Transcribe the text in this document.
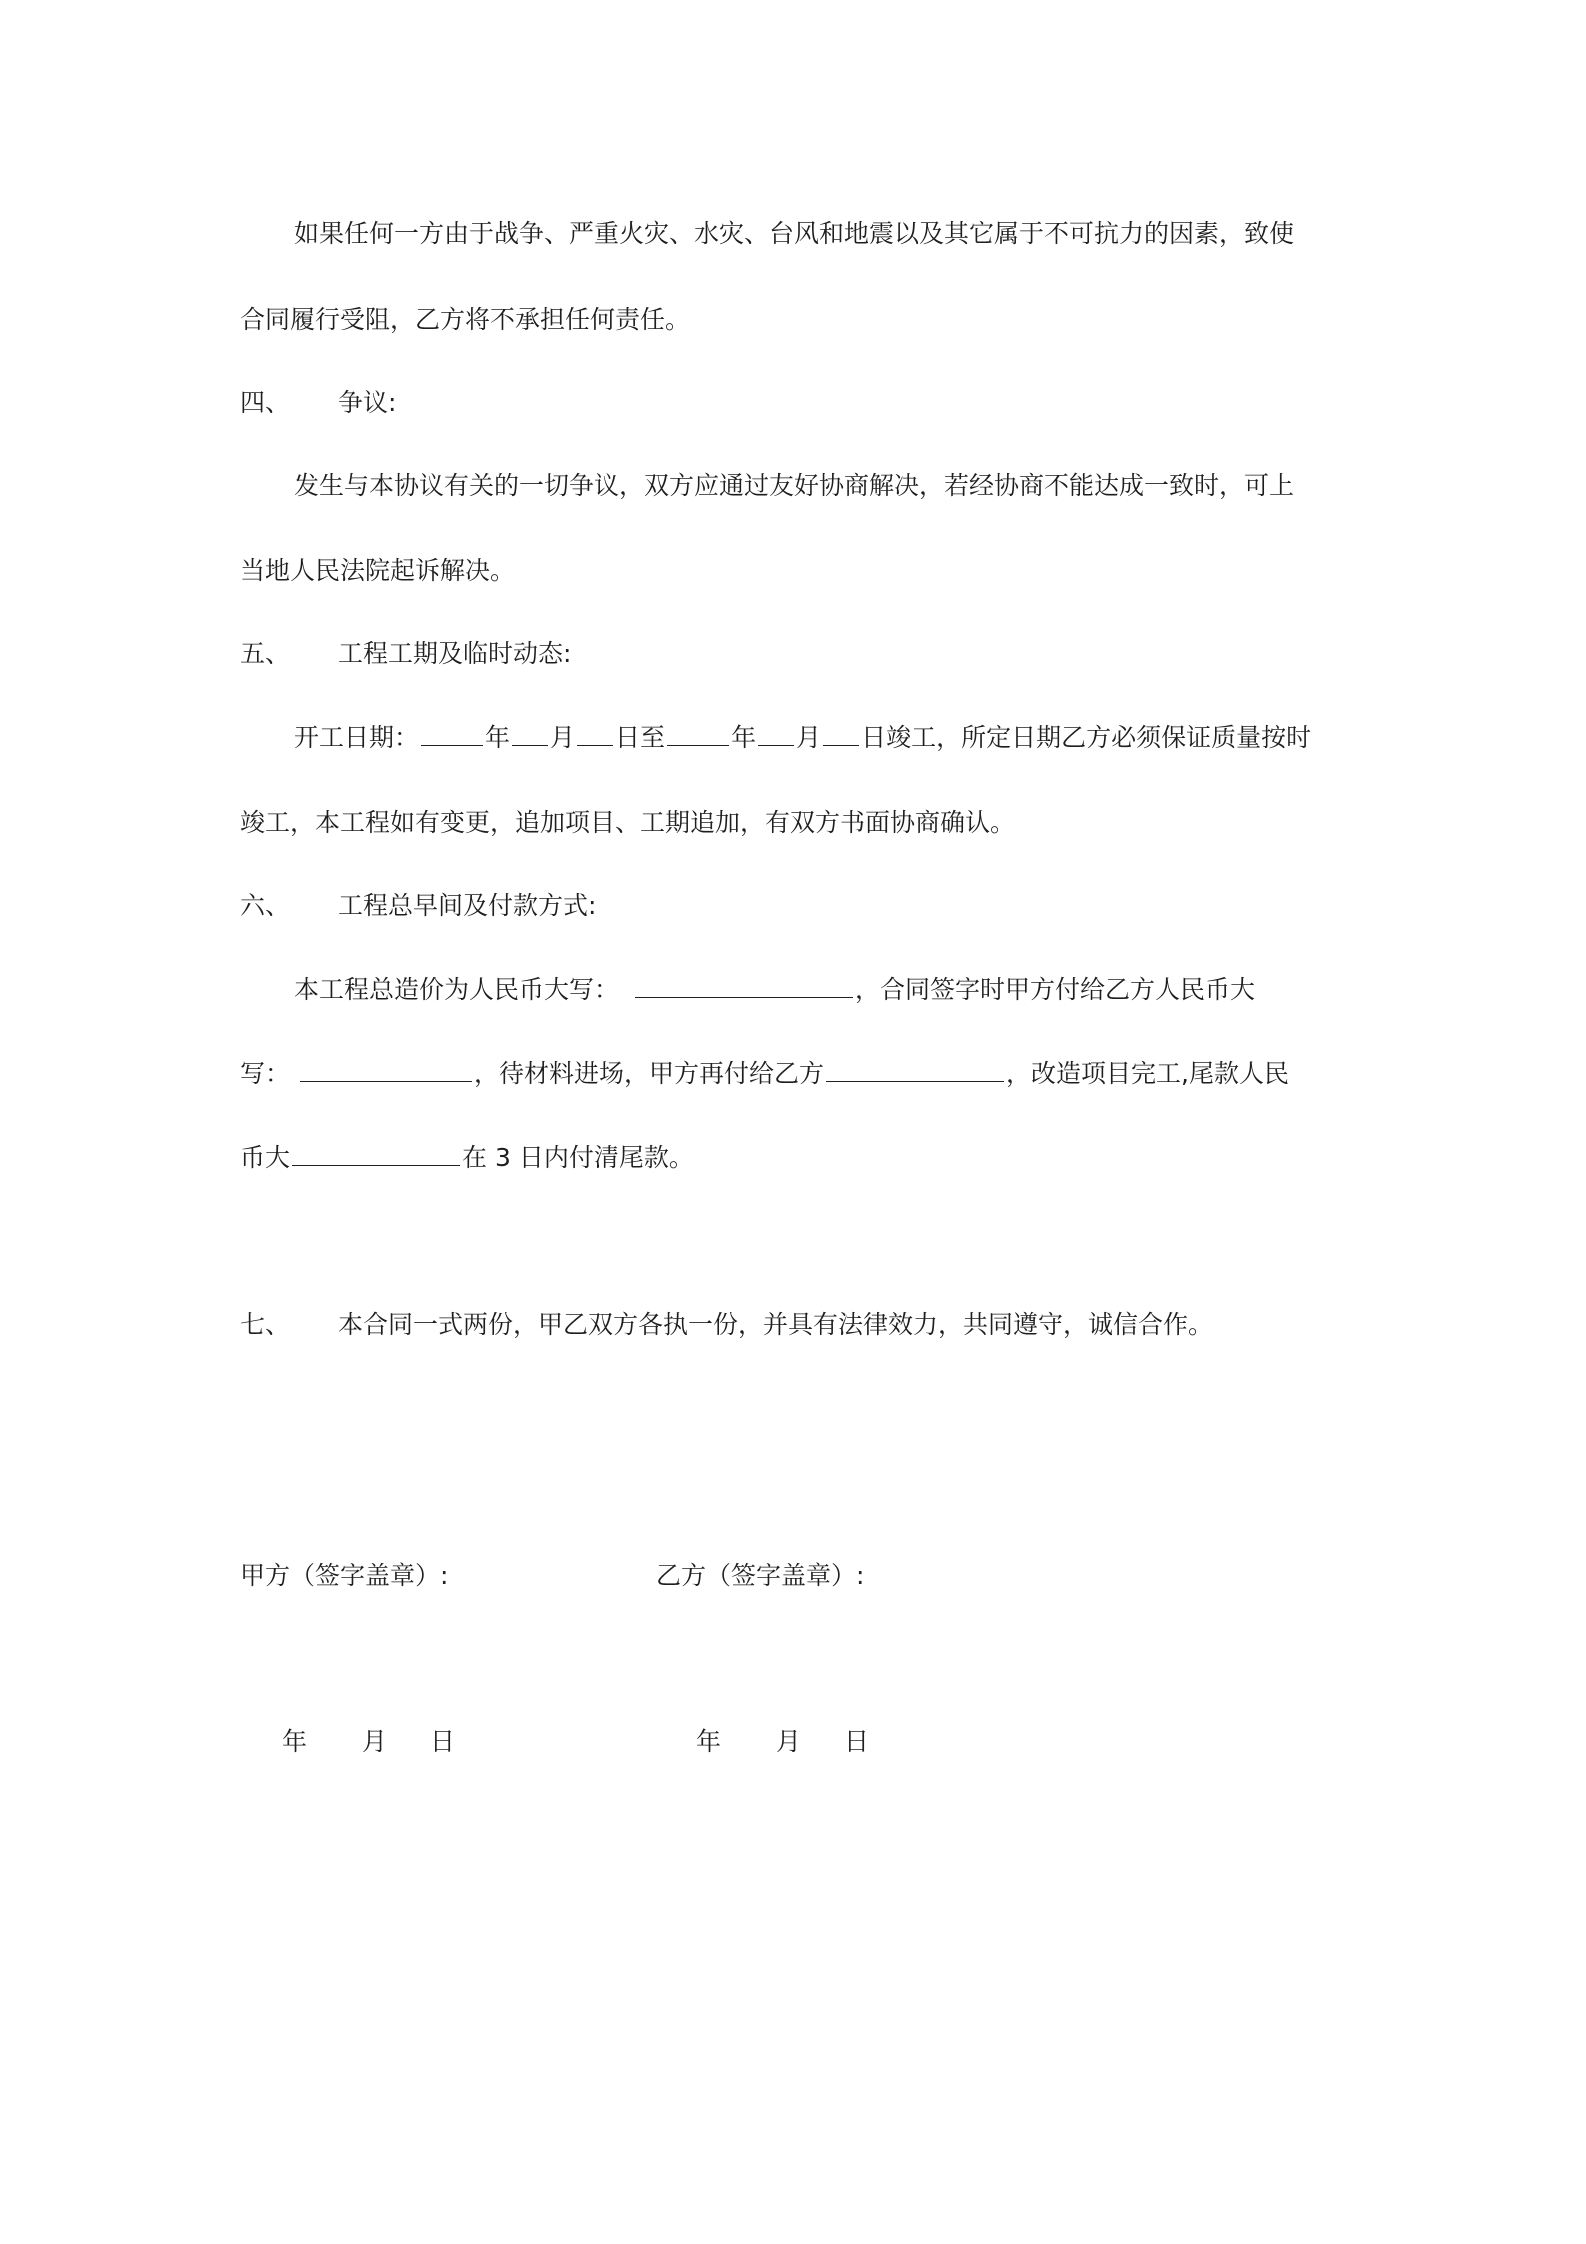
如果任何一方由于战争、严重火灾、水灾、台风和地震以及其它属于不可抗力的因素，致使
合同履行受阻，乙方将不承担任何责任。
四、 争议:
发生与本协议有关的一切争议，双方应通过友好协商解决，若经协商不能达成一致时，可上
当地人民法院起诉解决。
五、 工程工期及临时动态:
开工日期：	年 月 日至	年 月 日竣工，所定日期乙方必须保证质量按时
竣工，本工程如有变更，追加项目、工期追加，有双方书面协商确认。
六、 工程总早间及付款方式:
本工程总造价为人民币大写：	，合同签字时甲方付给乙方人民币大
写：	，待材料进场，甲方再付给乙方	，改造项目完工,尾款人民
币大	在 3 日内付清尾款。
七、 本合同一式两份，甲乙双方各执一份，并具有法律效力，共同遵守，诚信合作。
甲方（签字盖章）:	乙方（签字盖章）:
年 月 日	年 月 日
